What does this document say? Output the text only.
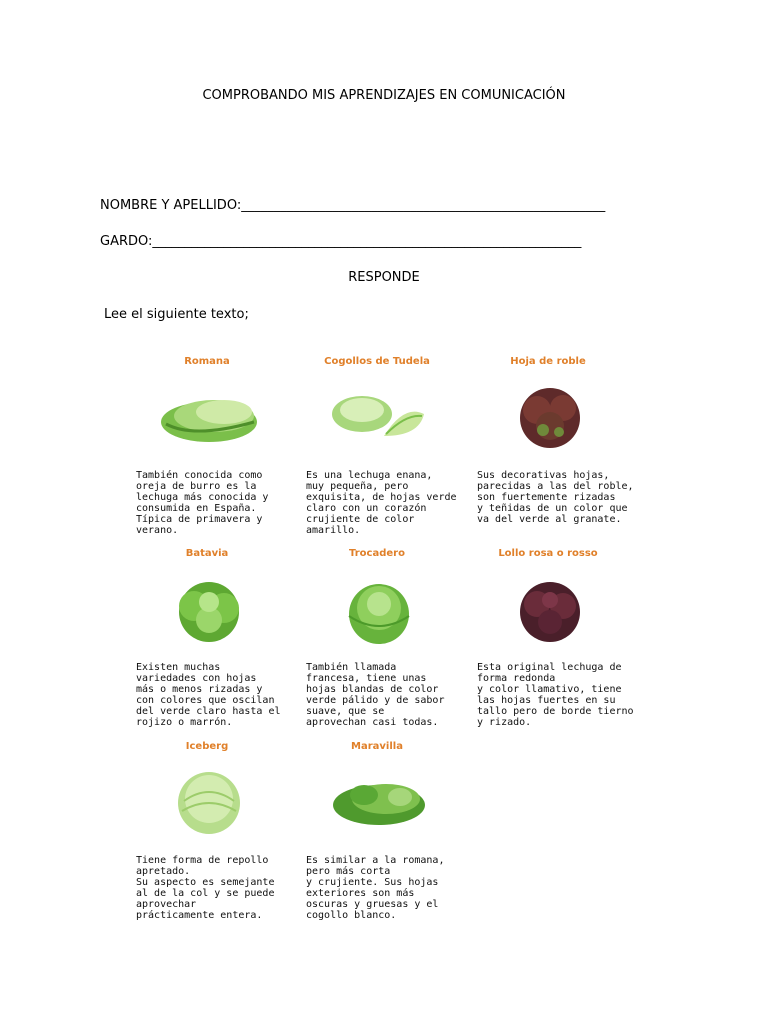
COMPROBANDO MIS APRENDIZAJES EN COMUNICACIÓN
NOMBRE Y APELLIDO:________________________________________________________
GARDO:__________________________________________________________________
RESPONDE
Lee el siguiente texto;
Romana
También conocida como
oreja de burro es la
lechuga más conocida y
consumida en España.
Típica de primavera y
verano.
Cogollos de Tudela
Es una lechuga enana,
muy pequeña, pero
exquisita, de hojas verde
claro con un corazón
crujiente de color
amarillo.
Hoja de roble
Sus decorativas hojas,
parecidas a las del roble,
son fuertemente rizadas
y teñidas de un color que
va del verde al granate.
Batavia
Existen muchas
variedades con hojas
más o menos rizadas y
con colores que oscilan
del verde claro hasta el
rojizo o marrón.
Trocadero
También llamada
francesa, tiene unas
hojas blandas de color
verde pálido y de sabor
suave, que se
aprovechan casi todas.
Lollo rosa o rosso
Esta original lechuga de
forma redonda
y color llamativo, tiene
las hojas fuertes en su
tallo pero de borde tierno
y rizado.
Iceberg
Tiene forma de repollo
apretado.
Su aspecto es semejante
al de la col y se puede
aprovechar
prácticamente entera.
Maravilla
Es similar a la romana,
pero más corta
y crujiente. Sus hojas
exteriores son más
oscuras y gruesas y el
cogollo blanco.
